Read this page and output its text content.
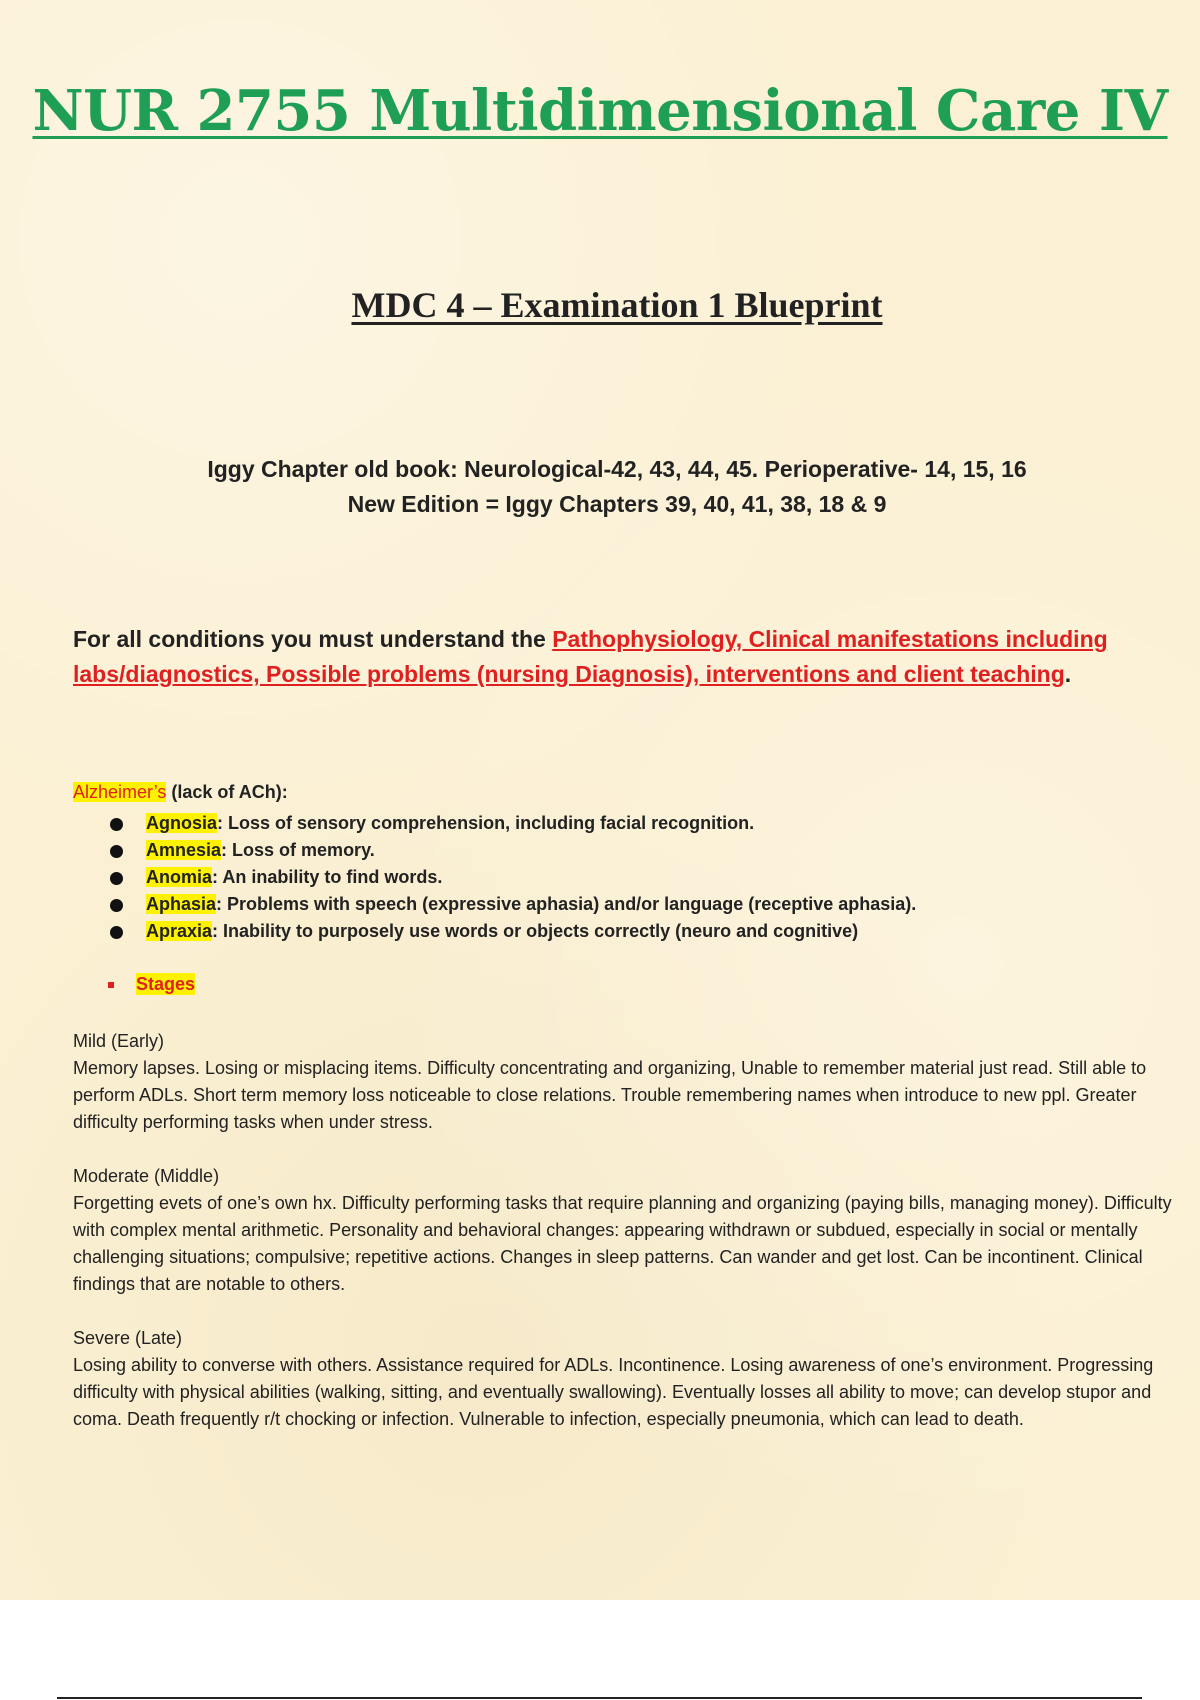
NUR 2755 Multidimensional Care IV
MDC 4 – Examination 1 Blueprint
Iggy Chapter old book: Neurological-42, 43, 44, 45. Perioperative- 14, 15, 16
New Edition = Iggy Chapters 39, 40, 41, 38, 18 & 9
For all conditions you must understand the Pathophysiology, Clinical manifestations including labs/diagnostics, Possible problems (nursing Diagnosis), interventions and client teaching.
Alzheimer’s (lack of ACh):
Agnosia: Loss of sensory comprehension, including facial recognition.
Amnesia: Loss of memory.
Anomia: An inability to find words.
Aphasia: Problems with speech (expressive aphasia) and/or language (receptive aphasia).
Apraxia: Inability to purposely use words or objects correctly (neuro and cognitive)
Stages
Mild (Early)
Memory lapses. Losing or misplacing items. Difficulty concentrating and organizing, Unable to remember material just read. Still able to perform ADLs. Short term memory loss noticeable to close relations. Trouble remembering names when introduce to new ppl. Greater difficulty performing tasks when under stress.
Moderate (Middle)
Forgetting evets of one’s own hx. Difficulty performing tasks that require planning and organizing (paying bills, managing money). Difficulty with complex mental arithmetic. Personality and behavioral changes: appearing withdrawn or subdued, especially in social or mentally challenging situations; compulsive; repetitive actions. Changes in sleep patterns. Can wander and get lost. Can be incontinent. Clinical findings that are notable to others.
Severe (Late)
Losing ability to converse with others. Assistance required for ADLs. Incontinence. Losing awareness of one’s environment. Progressing difficulty with physical abilities (walking, sitting, and eventually swallowing). Eventually losses all ability to move; can develop stupor and coma. Death frequently r/t chocking or infection. Vulnerable to infection, especially pneumonia, which can lead to death.
